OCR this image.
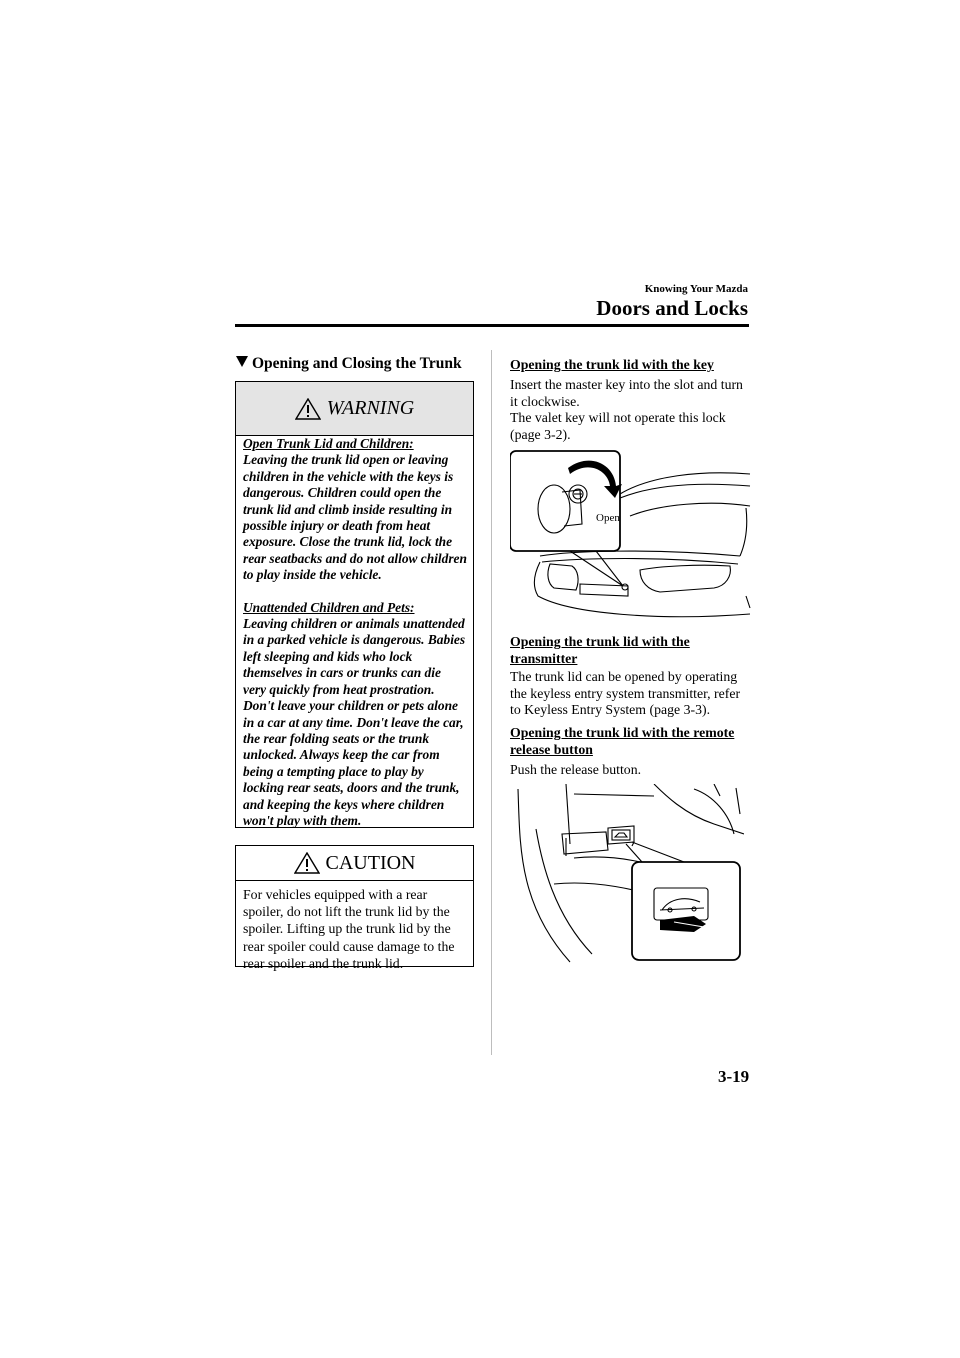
Knowing Your Mazda
Doors and Locks
Opening and Closing the Trunk
WARNING

Open Trunk Lid and Children:

Leaving the trunk lid open or leaving children in the vehicle with the keys is dangerous. Children could open the trunk lid and climb inside resulting in possible injury or death from heat exposure. Close the trunk lid, lock the rear seatbacks and do not allow children to play inside the vehicle.

Unattended Children and Pets:

Leaving children or animals unattended in a parked vehicle is dangerous. Babies left sleeping and kids who lock themselves in cars or trunks can die very quickly from heat prostration. Don't leave your children or pets alone in a car at any time. Don't leave the car, the rear folding seats or the trunk unlocked. Always keep the car from being a tempting place to play by locking rear seats, doors and the trunk, and keeping the keys where children won't play with them.

CAUTION
For vehicles equipped with a rear spoiler, do not lift the trunk lid by the spoiler. Lifting up the trunk lid by the rear spoiler could cause damage to the rear spoiler and the trunk lid.
Opening the trunk lid with the key
Insert the master key into the slot and turn it clockwise.
The valet key will not operate this lock (page 3-2).
Open
Opening the trunk lid with the transmitter
The trunk lid can be opened by operating the keyless entry system transmitter, refer to Keyless Entry System (page 3-3).
Opening the trunk lid with the remote release button
Push the release button.
3-19
